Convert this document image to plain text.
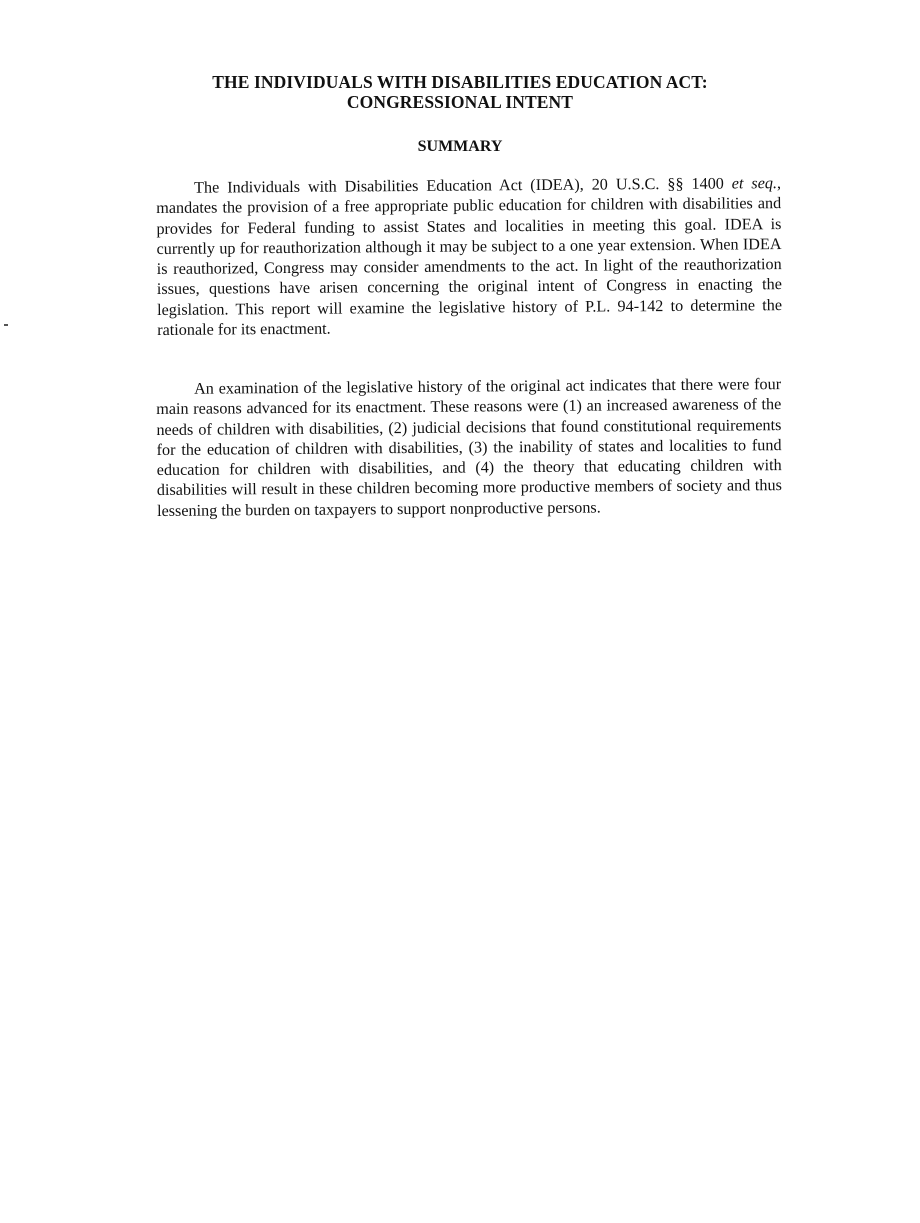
THE INDIVIDUALS WITH DISABILITIES EDUCATION ACT:
CONGRESSIONAL INTENT
SUMMARY

The Individuals with Disabilities Education Act (IDEA), 20 U.S.C. §§ 1400 et seq., mandates the provision of a free appropriate public education for children with disabilities and provides for Federal funding to assist States and localities in meeting this goal. IDEA is currently up for reauthorization although it may be subject to a one year extension. When IDEA is reauthorized, Congress may consider amendments to the act. In light of the reauthorization issues, questions have arisen concerning the original intent of Congress in enacting the legislation. This report will examine the legislative history of P.L. 94-142 to determine the rationale for its enactment.

An examination of the legislative history of the original act indicates that there were four main reasons advanced for its enactment. These reasons were (1) an increased awareness of the needs of children with disabilities, (2) judicial decisions that found constitutional requirements for the education of children with disabilities, (3) the inability of states and localities to fund education for children with disabilities, and (4) the theory that educating children with disabilities will result in these children becoming more productive members of society and thus lessening the burden on taxpayers to support nonproductive persons.
